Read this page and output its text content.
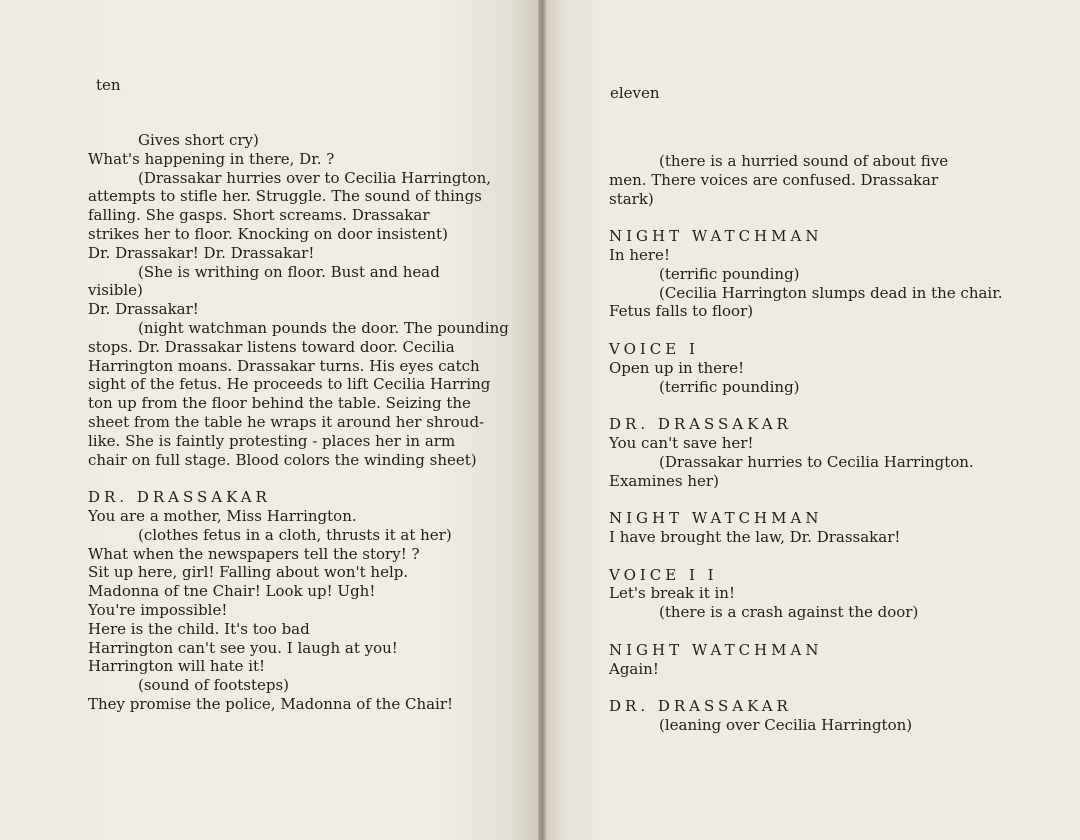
ten
Gives short cry)
What's happening in there, Dr. ?
(Drassakar hurries over to Cecilia Harrington,
attempts to stifle her. Struggle. The sound of things
falling. She gasps. Short screams. Drassakar
strikes her to floor. Knocking on door insistent)
Dr. Drassakar! Dr. Drassakar!
(She is writhing on floor. Bust and head
visible)
Dr. Drassakar!
(night watchman pounds the door. The pounding
stops. Dr. Drassakar listens toward door. Cecilia
Harrington moans. Drassakar turns. His eyes catch
sight of the fetus. He proceeds to lift Cecilia Harring
ton up from the floor behind the table. Seizing the
sheet from the table he wraps it around her shroud-
like. She is faintly protesting - places her in arm
chair on full stage. Blood colors the winding sheet)
DR. DRASSAKAR
You are a mother, Miss Harrington.
(clothes fetus in a cloth, thrusts it at her)
What when the newspapers tell the story! ?
Sit up here, girl! Falling about won't help.
Madonna of tne Chair! Look up! Ugh!
You're impossible!
Here is the child. It's too bad
Harrington can't see you. I laugh at you!
Harrington will hate it!
(sound of footsteps)
They promise the police, Madonna of the Chair!
eleven
(there is a hurried sound of about five
men. There voices are confused. Drassakar
stark)
NIGHT WATCHMAN
In here!
(terrific pounding)
(Cecilia Harrington slumps dead in the chair.
Fetus falls to floor)
VOICE I
Open up in there!
(terrific pounding)
DR. DRASSAKAR
You can't save her!
(Drassakar hurries to Cecilia Harrington.
Examines her)
NIGHT WATCHMAN
I have brought the law, Dr. Drassakar!
VOICE I I
Let's break it in!
(there is a crash against the door)
NIGHT WATCHMAN
Again!
DR. DRASSAKAR
(leaning over Cecilia Harrington)
